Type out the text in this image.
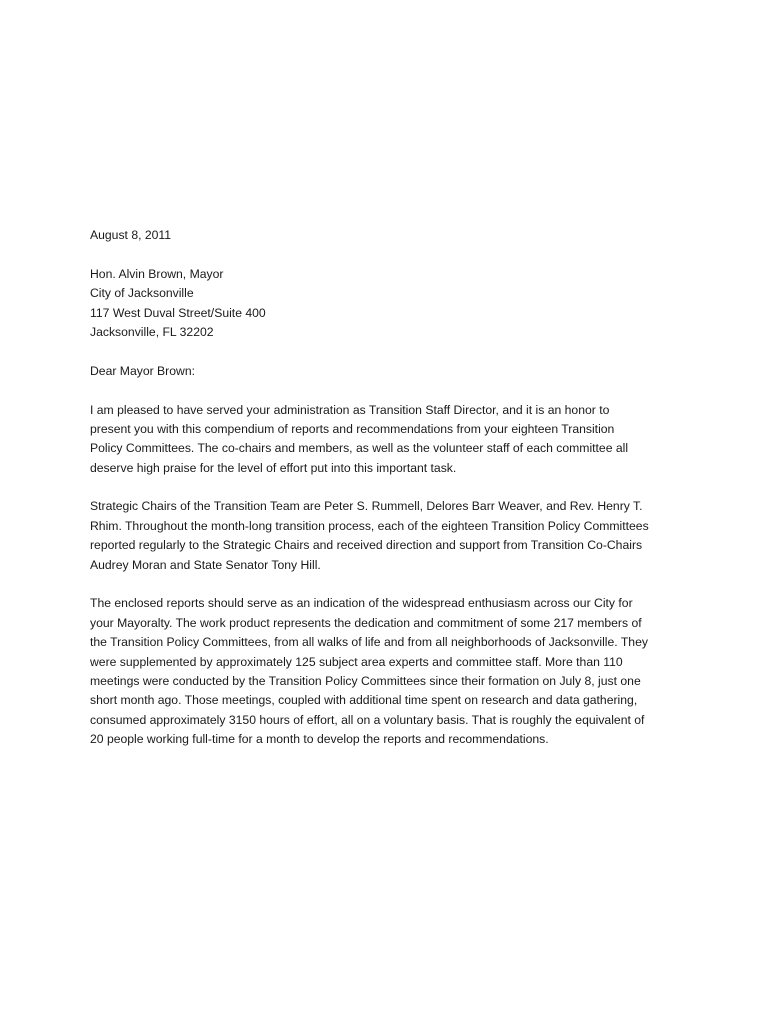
August 8, 2011
Hon. Alvin Brown, Mayor
City of Jacksonville
117 West Duval Street/Suite 400
Jacksonville, FL 32202
Dear Mayor Brown:
I am pleased to have served your administration as Transition Staff Director, and it is an honor to
present you with this compendium of reports and recommendations from your eighteen Transition
Policy Committees. The co-chairs and members, as well as the volunteer staff of each committee all
deserve high praise for the level of effort put into this important task.
Strategic Chairs of the Transition Team are Peter S. Rummell, Delores Barr Weaver, and Rev. Henry T.
Rhim. Throughout the month-long transition process, each of the eighteen Transition Policy Committees
reported regularly to the Strategic Chairs and received direction and support from Transition Co-Chairs
Audrey Moran and State Senator Tony Hill.
The enclosed reports should serve as an indication of the widespread enthusiasm across our City for
your Mayoralty. The work product represents the dedication and commitment of some 217 members of
the Transition Policy Committees, from all walks of life and from all neighborhoods of Jacksonville. They
were supplemented by approximately 125 subject area experts and committee staff. More than 110
meetings were conducted by the Transition Policy Committees since their formation on July 8, just one
short month ago. Those meetings, coupled with additional time spent on research and data gathering,
consumed approximately 3150 hours of effort, all on a voluntary basis. That is roughly the equivalent of
20 people working full-time for a month to develop the reports and recommendations.
